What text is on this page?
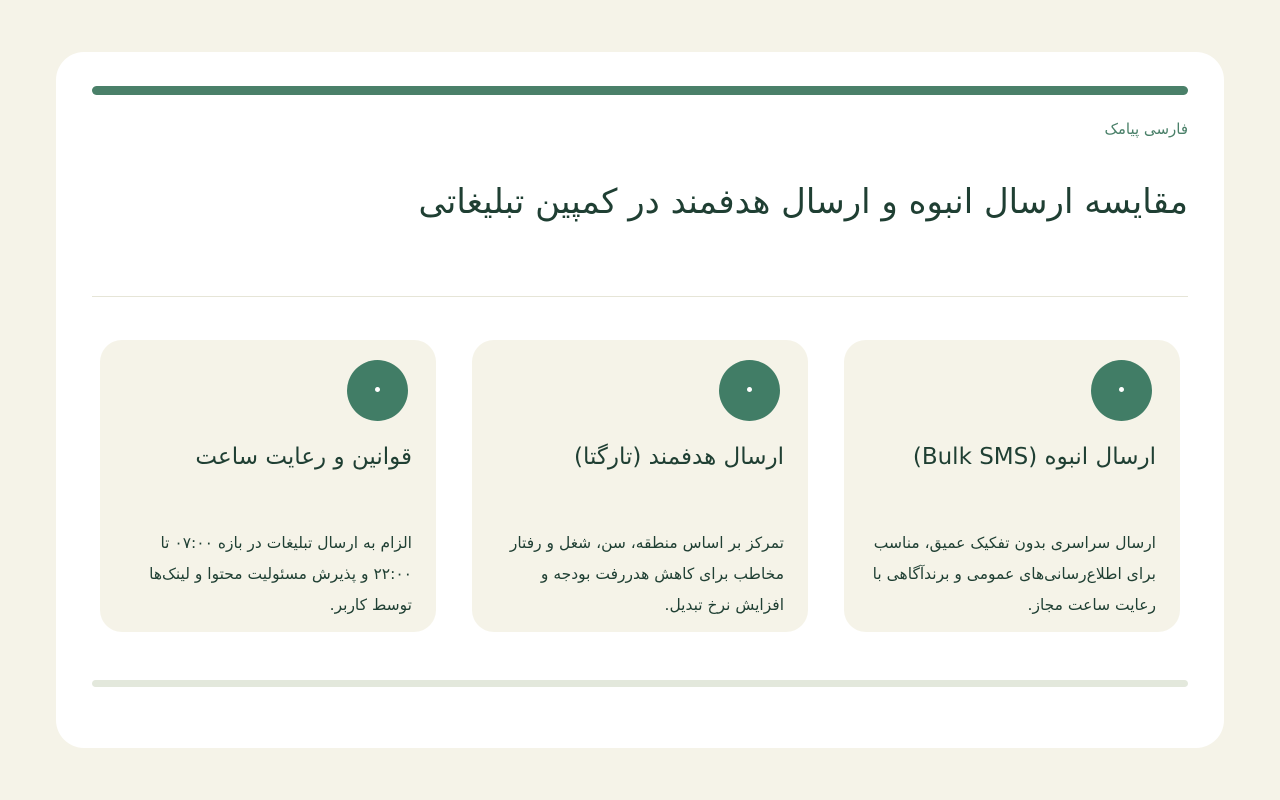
فارسی پیامک
مقایسه ارسال انبوه و ارسال هدفمند در کمپین تبلیغاتی
ارسال انبوه (Bulk SMS)
ارسال سراسری بدون تفکیک عمیق، مناسب برای اطلاع‌رسانی‌های عمومی و برندآگاهی با رعایت ساعت مجاز.
ارسال هدفمند (تارگتا)
تمرکز بر اساس منطقه، سن، شغل و رفتار مخاطب برای کاهش هدررفت بودجه و افزایش نرخ تبدیل.
قوانین و رعایت ساعت
الزام به ارسال تبلیغات در بازه ۰۷:۰۰ تا ۲۲:۰۰ و پذیرش مسئولیت محتوا و لینک‌ها توسط کاربر.
